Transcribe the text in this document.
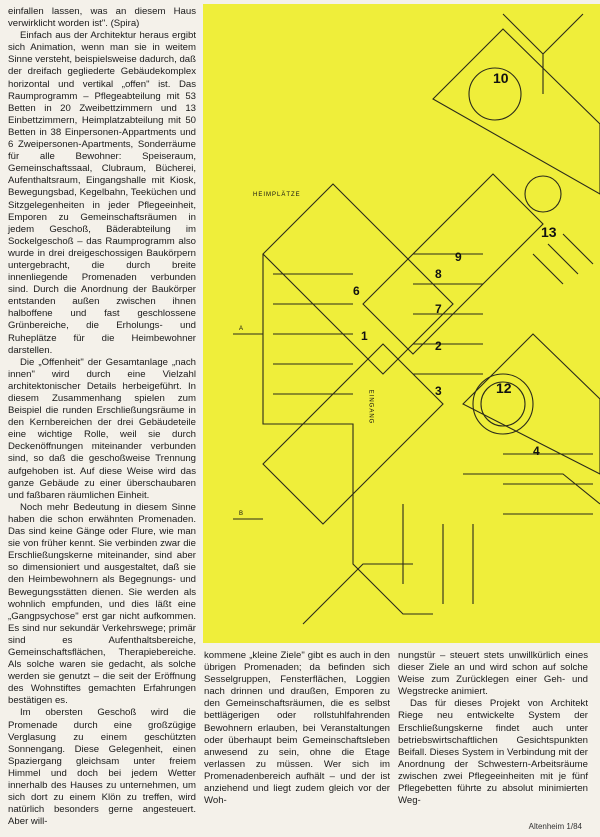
einfallen lassen, was an diesem Haus verwirklicht worden ist". (Spira)

Einfach aus der Architektur heraus ergibt sich Animation, wenn man sie in weitem Sinne versteht, beispielsweise dadurch, daß der dreifach gegliederte Gebäudekomplex horizontal und vertikal „offen" ist. Das Raumprogramm – Pflegeabteilung mit 53 Betten in 20 Zweibettzimmern und 13 Einbettzimmern, Heimplatzabteilung mit 50 Betten in 38 Einpersonen-Appartments und 6 Zweipersonen-Apartments, Sonderräume für alle Bewohner: Speiseraum, Gemeinschaftssaal, Clubraum, Bücherei, Aufenthaltsraum, Eingangshalle mit Kiosk, Bewegungsbad, Kegelbahn, Teeküchen und Sitzgelegenheiten in jeder Pflegeeinheit, Emporen zu Gemeinschaftsräumen in jedem Geschoß, Bäderabteilung im Sockelgeschoß – das Raumprogramm also wurde in drei dreigeschossigen Baukörpern untergebracht, die durch breite innenliegende Promenaden verbunden sind. Durch die Anordnung der Baukörper entstanden außen zwischen ihnen halboffene und fast geschlossene Grünbereiche, die Erholungs- und Ruheplätze für die Heimbewohner darstellen.

Die „Offenheit" der Gesamtanlage „nach innen" wird durch eine Vielzahl architektonischer Details herbeigeführt. In diesem Zusammenhang spielen zum Beispiel die runden Erschließungsräume in den Kernbereichen der drei Gebäudeteile eine wichtige Rolle, weil sie durch Deckenöffnungen miteinander verbunden sind, so daß die geschoßweise Trennung aufgehoben ist. Auf diese Weise wird das ganze Gebäude zu einer überschaubaren und faßbaren räumlichen Einheit.

Noch mehr Bedeutung in diesem Sinne haben die schon erwähnten Promenaden. Das sind keine Gänge oder Flure, wie man sie von früher kennt. Sie verbinden zwar die Erschließungskerne miteinander, sind aber so dimensioniert und ausgestaltet, daß sie den Heimbewohnern als Begegnungs- und Bewegungsstätten dienen. Sie werden als wohnlich empfunden, und dies läßt eine „Gangpsychose" erst gar nicht aufkommen. Es sind nur sekundär Verkehrswege; primär sind es Aufenthaltsbereiche, Gemeinschaftsflächen, Therapiebereiche. Als solche waren sie gedacht, als solche werden sie genutzt – die seit der Eröffnung des Wohnstiftes gemachten Erfahrungen bestätigen es.

Im obersten Geschoß wird die Promenade durch eine großzügige Verglasung zu einem geschützten Sonnengang. Diese Gelegenheit, einen Spaziergang gleichsam unter freiem Himmel und doch bei jedem Wetter innerhalb des Hauses zu unternehmen, um sich dort zu einem Klön zu treffen, wird natürlich besonders gerne angesteuert. Aber will-

HEIMPLÄTZE
A
B
EINGANG
1
2
3
4
6
7
8
9
10
12
13

kommene „kleine Ziele" gibt es auch in den übrigen Promenaden; da befinden sich Sesselgruppen, Fensterflächen, Loggien nach drinnen und draußen, Emporen zu den Gemeinschaftsräumen, die es selbst bettlägerigen oder rollstuhlfahrenden Bewohnern erlauben, bei Veranstaltungen oder überhaupt beim Gemeinschaftsleben anwesend zu sein, ohne die Etage verlassen zu müssen. Wer sich im Promenadenbereich aufhält – und der ist anziehend und liegt zudem gleich vor der Woh-

nungstür – steuert stets unwillkürlich eines dieser Ziele an und wird schon auf solche Weise zum Zurücklegen einer Geh- und Wegstrecke animiert.

Das für dieses Projekt von Architekt Riege neu entwickelte System der Erschließungskerne findet auch unter betriebswirtschaftlichen Gesichtspunkten Beifall. Dieses System in Verbindung mit der Anordnung der Schwestern-Arbeitsräume zwischen zwei Pflegeeinheiten mit je fünf Pflegebetten führte zu absolut minimierten Weg-

Altenheim 1/84
